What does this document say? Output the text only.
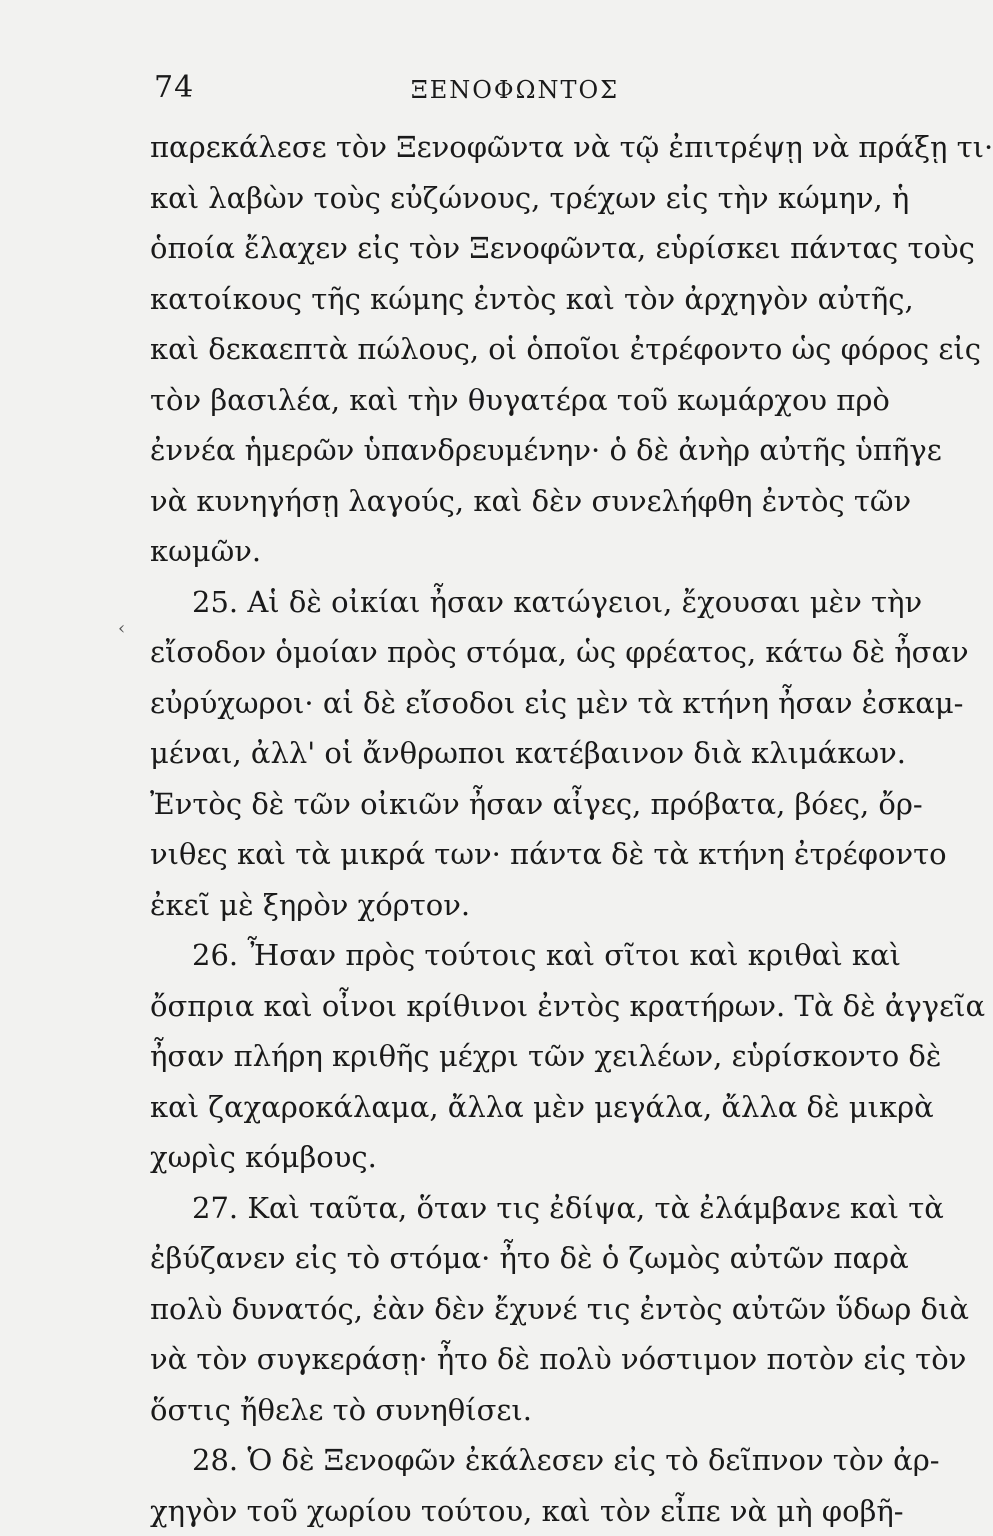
74	ΞΕΝΟΦΩΝΤΟΣ
‹
παρεκάλεσε τὸν Ξενοφῶντα νὰ τῷ ἐπιτρέψῃ νὰ πράξῃ τι·
καὶ λαβὼν τοὺς εὐζώνους, τρέχων εἰς τὴν κώμην, ἡ
ὁποία ἔλαχεν εἰς τὸν Ξενοφῶντα, εὑρίσκει πάντας τοὺς
κατοίκους τῆς κώμης ἐντὸς καὶ τὸν ἀρχηγὸν αὐτῆς,
καὶ δεκαεπτὰ πώλους, οἱ ὁποῖοι ἐτρέφοντο ὡς φόρος εἰς
τὸν βασιλέα, καὶ τὴν θυγατέρα τοῦ κωμάρχου πρὸ
ἐννέα ἡμερῶν ὑπανδρευμένην· ὁ δὲ ἀνὴρ αὐτῆς ὑπῆγε
νὰ κυνηγήσῃ λαγούς, καὶ δὲν συνελήφθη ἐντὸς τῶν
κωμῶν.
25. Αἱ δὲ οἰκίαι ἦσαν κατώγειοι, ἔχουσαι μὲν τὴν
εἴσοδον ὁμοίαν πρὸς στόμα, ὡς φρέατος, κάτω δὲ ἦσαν
εὐρύχωροι· αἱ δὲ εἴσοδοι εἰς μὲν τὰ κτήνη ἦσαν ἐσκαμ-
μέναι, ἀλλ' οἱ ἄνθρωποι κατέβαινον διὰ κλιμάκων.
Ἐντὸς δὲ τῶν οἰκιῶν ἦσαν αἶγες, πρόβατα, βόες, ὄρ-
νιθες καὶ τὰ μικρά των· πάντα δὲ τὰ κτήνη ἐτρέφοντο
ἐκεῖ μὲ ξηρὸν χόρτον.
26. Ἦσαν πρὸς τούτοις καὶ σῖτοι καὶ κριθαὶ καὶ
ὄσπρια καὶ οἶνοι κρίθινοι ἐντὸς κρατήρων. Τὰ δὲ ἀγγεῖα
ἦσαν πλήρη κριθῆς μέχρι τῶν χειλέων, εὑρίσκοντο δὲ
καὶ ζαχαροκάλαμα, ἄλλα μὲν μεγάλα, ἄλλα δὲ μικρὰ
χωρὶς κόμβους.
27. Καὶ ταῦτα, ὅταν τις ἐδίψα, τὰ ἐλάμβανε καὶ τὰ
ἐβύζανεν εἰς τὸ στόμα· ἦτο δὲ ὁ ζωμὸς αὐτῶν παρὰ
πολὺ δυνατός, ἐὰν δὲν ἔχυνέ τις ἐντὸς αὐτῶν ὕδωρ διὰ
νὰ τὸν συγκεράσῃ· ἦτο δὲ πολὺ νόστιμον ποτὸν εἰς τὸν
ὅστις ἤθελε τὸ συνηθίσει.
28. Ὁ δὲ Ξενοφῶν ἐκάλεσεν εἰς τὸ δεῖπνον τὸν ἀρ-
χηγὸν τοῦ χωρίου τούτου, καὶ τὸν εἶπε νὰ μὴ φοβῆ-
